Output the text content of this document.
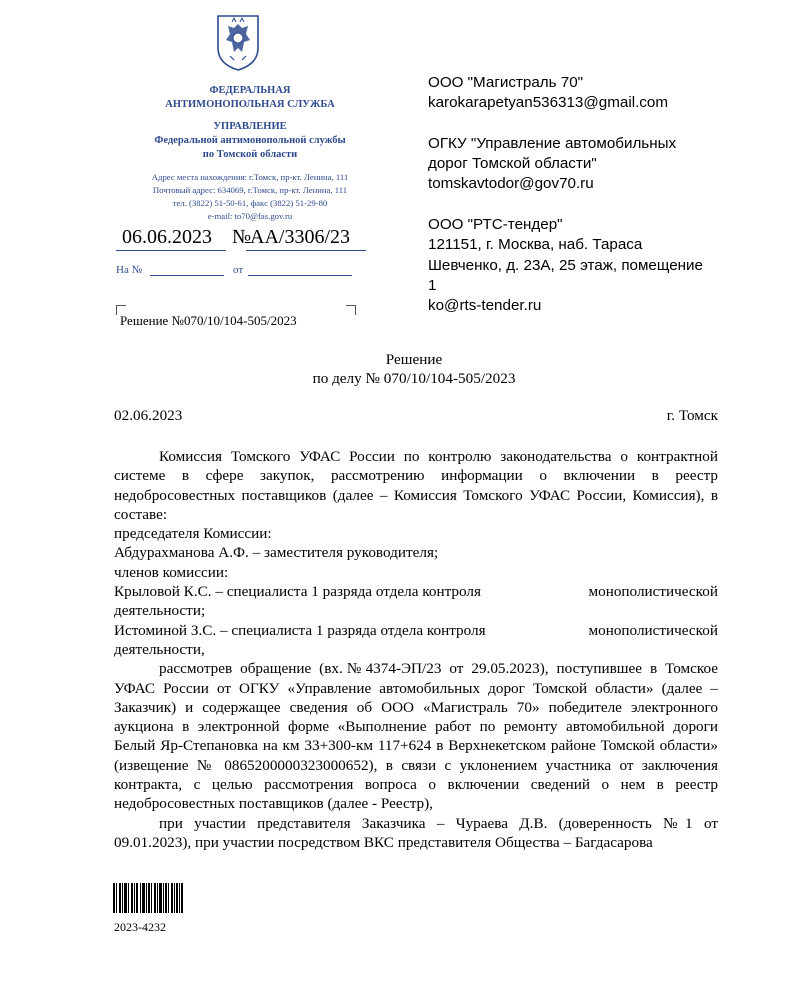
ФЕДЕРАЛЬНАЯ
АНТИМОНОПОЛЬНАЯ СЛУЖБА
УПРАВЛЕНИЕ
Федеральной антимонопольной службы
по Томской области
Адрес места нахождения: г.Томск, пр-кт. Ленина, 111
Почтовый адрес: 634069, г.Томск, пр-кт. Ленина, 111
тел. (3822) 51-50-61, факс (3822) 51-29-80
e-mail: to70@fas.gov.ru
06.06.2023 №
АА/3306/23
На №	от
Решение №070/10/104-505/2023
ООО "Магистраль 70"
karokarapetyan536313@gmail.com
ОГКУ "Управление автомобильных
дорог Томской области"
tomskavtodor@gov70.ru
ООО "РТС-тендер"
121151, г. Москва, наб. Тараса
Шевченко, д. 23А, 25 этаж, помещение
1
ko@rts-tender.ru
Решение
по делу № 070/10/104-505/2023
02.06.2023	г. Томск

Комиссия Томского УФАС России по контролю законодательства о контрактной системе в сфере закупок, рассмотрению информации о включении в реестр недобросовестных поставщиков (далее – Комиссия Томского УФАС России, Комиссия), в составе:

председателя Комиссии:

Абдурахманова А.Ф. – заместителя руководителя;

членов комиссии:

Крыловой К.С. – специалиста 1 разряда отдела контроля	монополистической

деятельности;

Истоминой З.С. – специалиста 1 разряда отдела контроля	монополистической

деятельности,

рассмотрев обращение (вх.№4374-ЭП/23 от 29.05.2023), поступившее в Томское УФАС России от ОГКУ «Управление автомобильных дорог Томской области» (далее – Заказчик) и содержащее сведения об ООО «Магистраль 70» победителе электронного аукциона в электронной форме «Выполнение работ по ремонту автомобильной дороги Белый Яр-Степановка на км 33+300-км 117+624 в Верхнекетском районе Томской области» (извещение № 0865200000323000652), в связи с уклонением участника от заключения контракта, с целью рассмотрения вопроса о включении сведений о нем в реестр недобросовестных поставщиков (далее - Реестр),

при участии представителя Заказчика – Чураева Д.В. (доверенность №1 от 09.01.2023), при участии посредством ВКС представителя Общества – Багдасарова

2023-4232
